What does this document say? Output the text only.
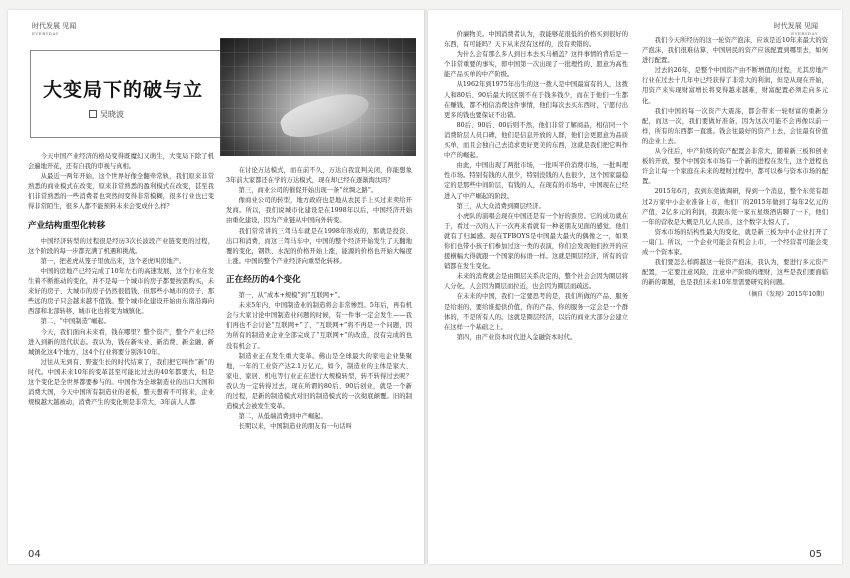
时代发展 见闻
EVERYDAY
大变局下的破与立
吴晓波

今天中国产业经济的格局变得既魔幻又萌生，大变局下除了机会遍地开花，还有自我的审视与真相。

从最近一两年开始，这个世界好像全翻牵常轨，我们原来非常熟悉的商业模式在改变，原来非常熟悉的盈利模式在改变，甚至我们非常熟悉的一些消费者也突然间变得非常模糊，很多行业也已变得非常陌生，很多人都不能预料未来会变成什么样？

产业结构重型化转移

中国经济转型的过程很是经历3次长波段产业链变更的过程，这个阶段的每一步都充满了机遇和挑战。

第一，把老虎从笼子里放出来，这个老虎叫房地产。

中国的房地产已经完成了10年左右的高速发展，这个行业在发生着不断推动的变化，并不是每一个城市的房子都要按需购买，未来好的房子、大城市的房子仍然很值钱，但那些小城市的房子、那些远的房子只会越来越不值钱。整个城市化建设开始由东南沿海向西部和北部转移，城市化也将变为城镇化。

第二，“中国制造”崛起。

今天，我们面向未来看，钱在哪里？整个资产，整个产业已经进入到新的迭代状态。我认为，钱在新实业、新消费、新金融、新城镇化这4个地方，这4个行业将要分别涉10年。

过往从无到有、野蛮生长的时代结束了，我们把它叫作“新”的时代。中国未来10年的变革甚至可能比过去的40年都要大，但是这个变化是全世界都要参与的。中国作为全球制造业的出口大国和消费大国，今天中国所有制造业的老板，整天想着不可将来，企业规模越大越被动，消费产生的变化则是非常大，3年前人人都

在讨论万达模式，而在前不久，万达自我宣判关闭，你能想象3年前大家都还在学的万达模式，现在却已经在逐渐淘汰吗？

第三，商业公司的催促开始出现一条“丝绸之路”。

像商业公司的转型，地方政府也是地从农民手上买过来卖给开发商。所以，我们说城市化建设是在1998年以后，中国经济开始由重化建设，因为产业链从中国向外转变。

我们常常讲的三驾马车就是在1998年形成的，那就是投资、出口和消费，而这三驾马车中，中国的整个经济开始发生了天翻地覆的变化，钢铁、水泥的价格开始上涨，能源的价格也开始大幅度上涨。中国的整个产业经济向重型化转移。

正在经历的4个变化

第一，从“成本+规模”到“互联网+”。

未来5年内，中国制造业的制造将会非常惨烈。5年后，再有机会与大家讨论中国制造业问题的时候，有一件事一定会发生——我们再也不会讨论“互联网+”了，“互联网+”将不再是一个问题，因为所有的制造业企业全部完成了“互联网+”的改造，没有完成的也没有机会了。

制造业正在发生重大变革。佛山是全球最大的家电企业集聚地，一年的工业资产达2.1万亿元，如今，制造业的主体是家大、家电、家居、机电等行业正在进行大规模转型，转不转得过去呢？我认为一定转得过去，现在所谓的80后、90后创业，就是一个新的过程，是新的制造模式对旧的制造模式的一次彻底颠覆。旧的制造模式会被发生变革。

第二，从低端消费到中产崛起。

长期以来，中国制造业的朋友有一句话叫

04
时代发展 见闻
EVERYDAY

价廉物美。中国消费者认为，我能够花很低的价格买到很好的东西，有可能吗？天下从来没有这样的，没有卖错的。

为什么会有那么多人到日本去买马桶盖？这件事情的背后是一个非常重要的事实，即中国第一次出现了一批理性的、愿意为高性能产品买单的中产阶级。

从1962年到1975年出生的这一拨人是中国最富有的人，这拨人和80后、90后最大的区别不在于钱多钱少，而在于他们一生都在赚钱，都不相信消费这件事情，他们每次去买东西时，宁愿付出更多的钱也要保证不出错。

80后、90后、00后则不然，他们非常了解商品，相信同一个消费阶层人员口碑，他们是信息开放的人群，他们会更愿意为品质买单，而且会独自己去追求更好更美的东西，这就是我们把它叫作中产的崛起。

由此，中国出现了两批市场，一批叫平价消费市场，一批叫理性市场。特别有钱的人很少，特别没钱的人也很少，这个国家最稳定的是那些中间阶层，有钱的人，在现有的市场中，中国现在已经进入了中产崛起的阶段。

第三，从大众消费到圈层经济。

小虎队的演唱会现在中国还是有一个好的票房。它的成功就在于，看过一次的人下一次再来看就有一种老朋友见面的感觉，他们就有了归属感。现在TFBOYS是中国最大最火的偶像之一，如果你们也带小孩子们参加过这一类的表演，你们会发现他们拉开的应援横幅大得就跟一个国家的标语一样。这就是圈层经济，所有的营销都在发生变化。

未来的消费就会是由圈层关系决定的，整个社会会因为圈层将人分化，人会因为圈层而拉近，也会因为圈层而疏远。

在未来的中国，我们一定要思考的是，我们所做的产品、服务是给谁的，要给谁提供价值，你的产品、你的服务一定会是一个群体的，不是所有人的。这就是圈层经济，以后的商业大部分会建立在这样一个基础之上。

第四，由产业资本时代进入金融资本时代。

我们今天所经历的这一轮资产泡沫，应该是近10年来最大的资产泡沫，我们很难估算，中国居民的资产应该配置到哪里去，如何进行配置。

过去的26年，是整个中国资产由不断增值的过程，尤其房地产行业在过去十几年中已经获得了非常大的利润，但是从现在开始，用资产来实现财富增长将变得越来越难，财富配置必须走向多元化。

我们中国的每一次资产大震荡，都会带来一轮财富的重新分配，而这一次，我们要做好准备，因为这次可能不会再像以前一样，所有的东西都一直涨。钱会往最好的资产上去，会往最有价值的企业上去。

从今往后，中产阶级的资产配置会非常大，随着新三板和创业板的开放，整个中国资本市场有一个新的进程在发生，这个进程也许会让每一个家庭在未来的理财过程中，都可以参与资本市场的配置。

2015年6月，我到东莞做调研，得到一个消息，整个东莞有超过2万家中小企业准备上市，他们厂的2015年做到了每年2亿元的产值，2亿多元的利润，我跟东莞一家五星级酒店聊了一下，他们一年的营收是大概是几亿人民币，这个数字太惊人了。

资本市场的结构性最大的变化，就是新三板为中小企业打开了一扇门。所以，一个企业可能会有机会上市，一个经营者可能会变成一个资本家。

我们要怎么样跨越这一轮资产泡沫，我认为，要进行多元资产配置，一定要注意风险，注意中产阶级的理财，这些是我们要面临的新的课题，也是我们未来10年里需要研究的问题。

（摘自《发现》2015年10期）
05
